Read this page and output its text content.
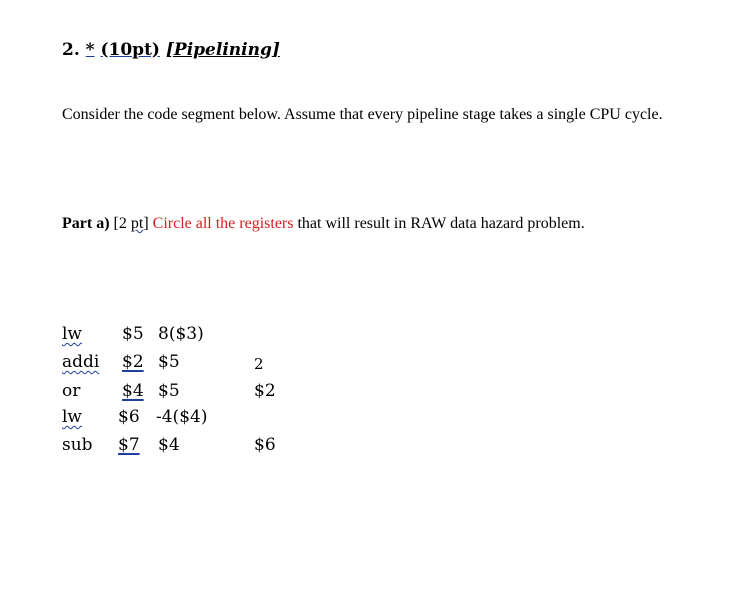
2. * (10pt) [Pipelining]
Consider the code segment below. Assume that every pipeline stage takes a single CPU cycle.
Part a) [2 pt] Circle all the registers that will result in RAW data hazard problem.
lw $5 8($3)
addi $2 $5	2
or $4 $5	$2
lw $6 -4($4)
sub $7 $4	$6
